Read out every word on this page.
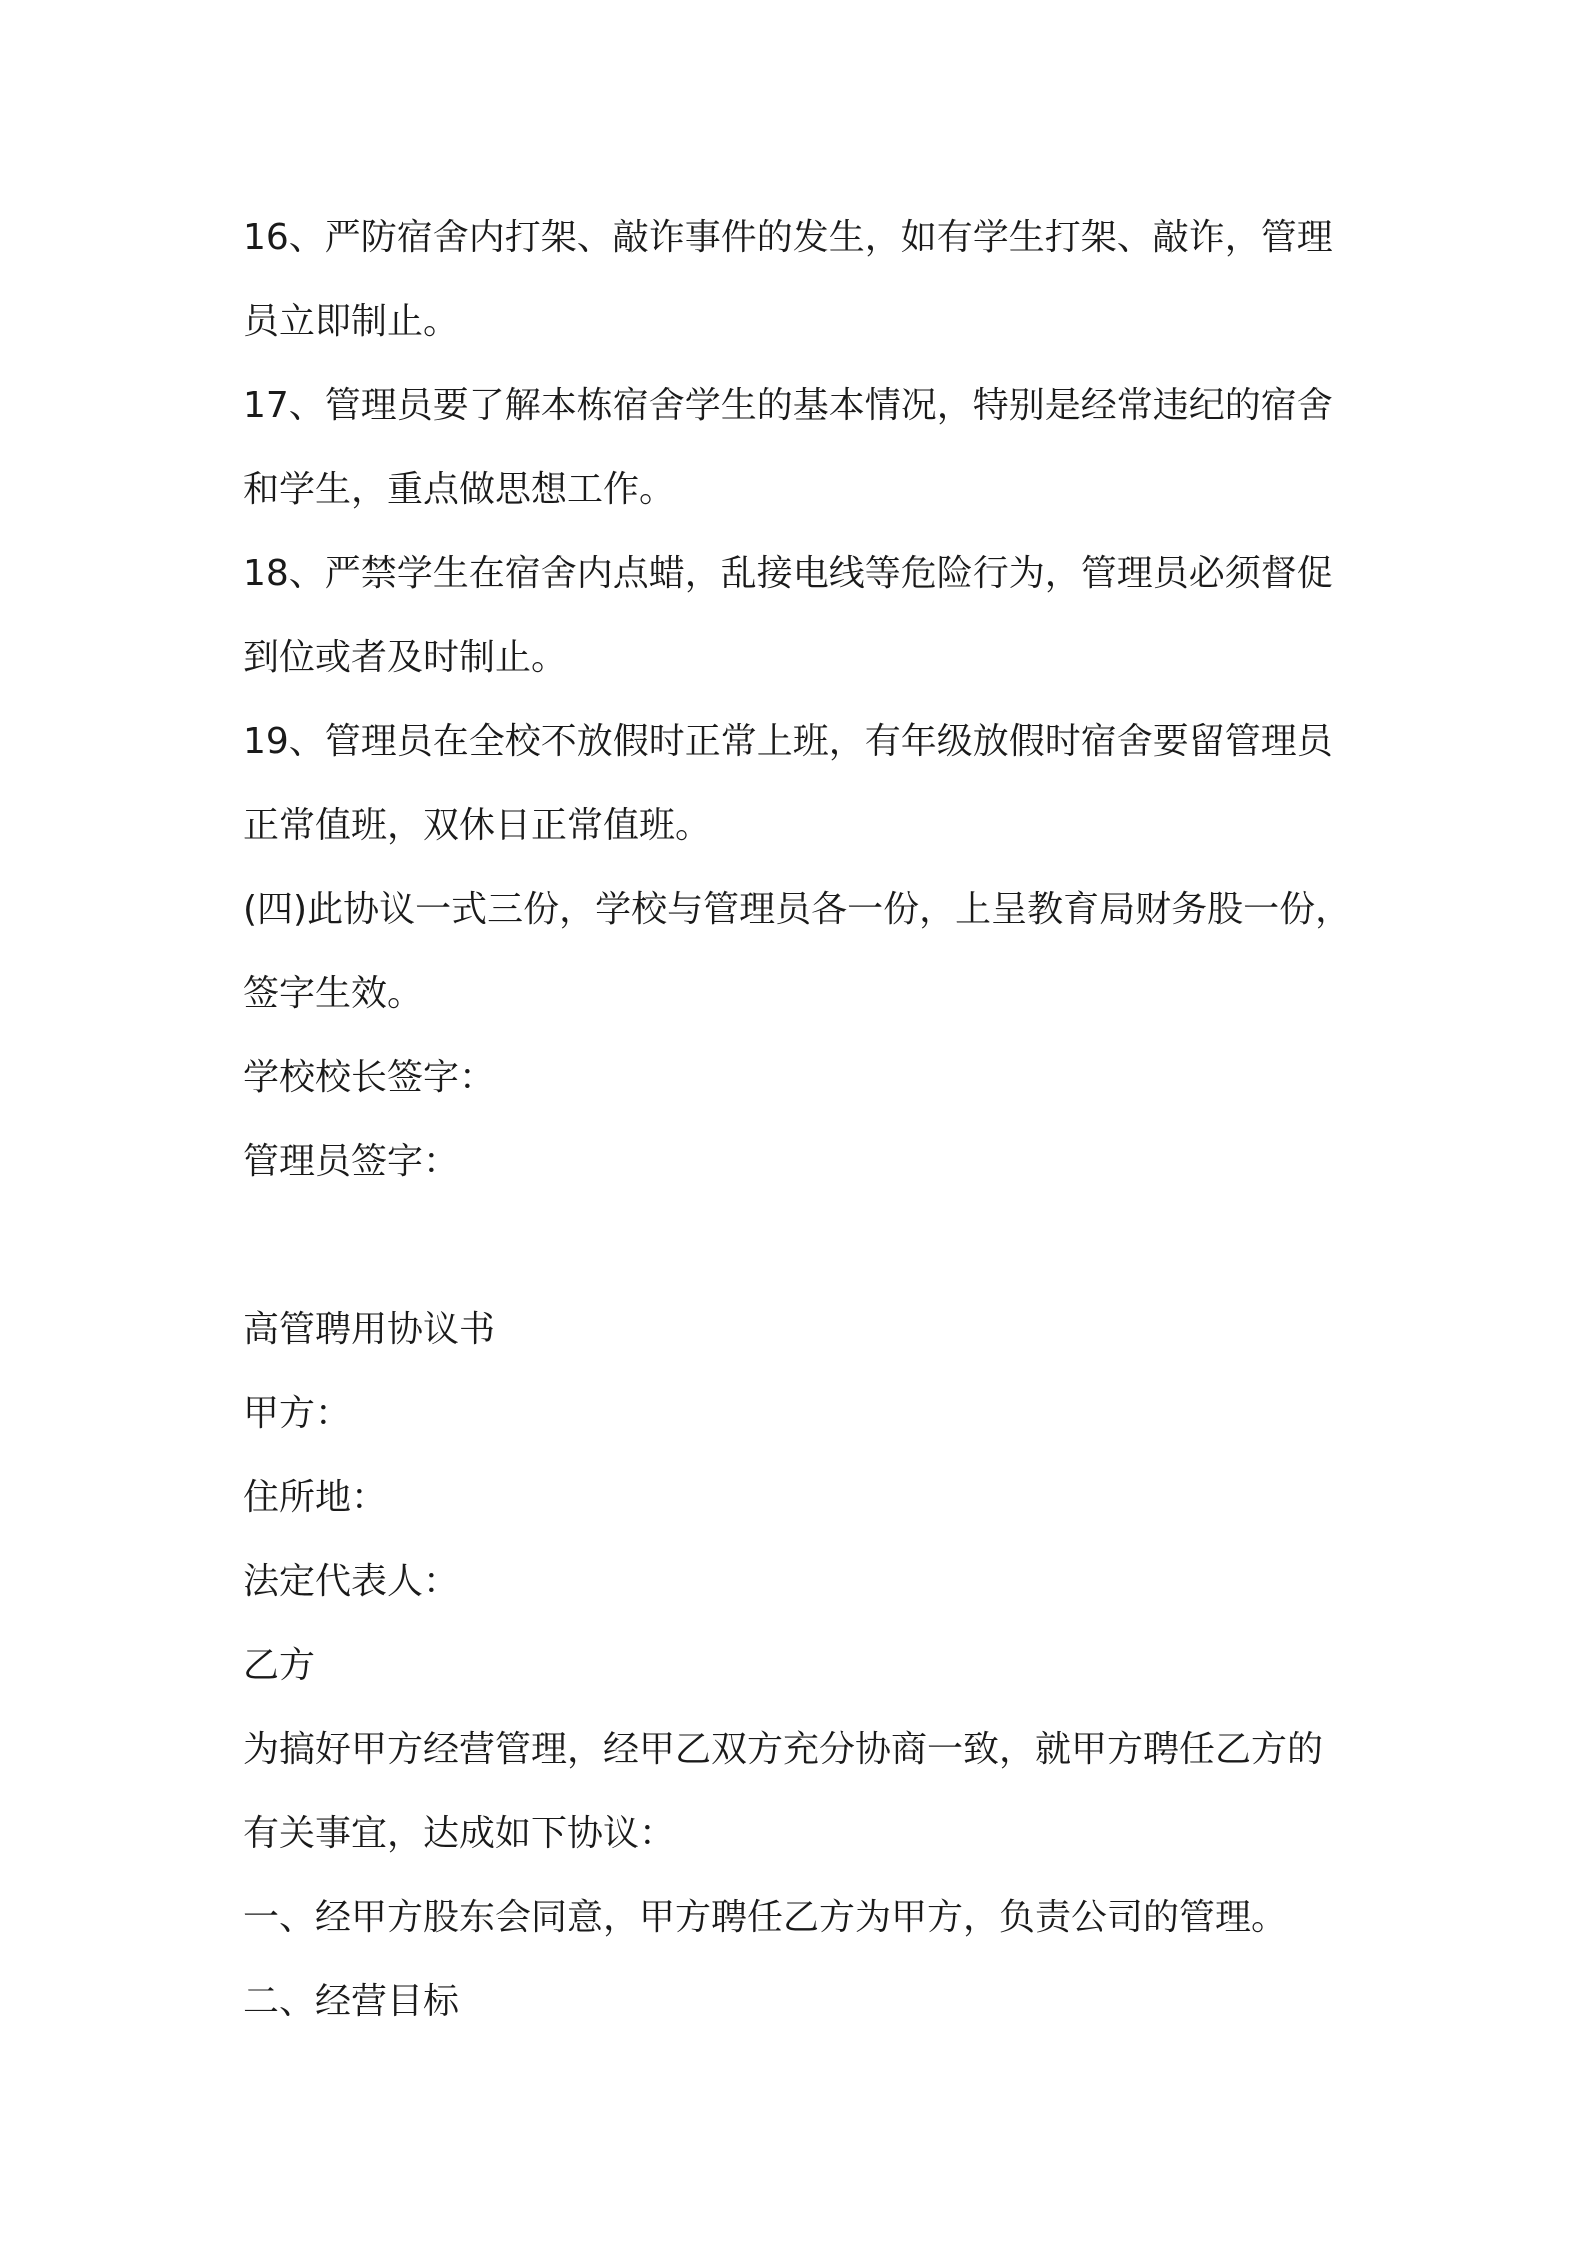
16、严防宿舍内打架、敲诈事件的发生，如有学生打架、敲诈，管理
员立即制止。
17、管理员要了解本栋宿舍学生的基本情况，特别是经常违纪的宿舍
和学生，重点做思想工作。
18、严禁学生在宿舍内点蜡，乱接电线等危险行为，管理员必须督促
到位或者及时制止。
19、管理员在全校不放假时正常上班，有年级放假时宿舍要留管理员
正常值班，双休日正常值班。
(四)此协议一式三份，学校与管理员各一份，上呈教育局财务股一份，
签字生效。
学校校长签字：
管理员签字：
高管聘用协议书
甲方：
住所地：
法定代表人：
乙方
为搞好甲方经营管理，经甲乙双方充分协商一致，就甲方聘任乙方的
有关事宜，达成如下协议：
一、经甲方股东会同意，甲方聘任乙方为甲方，负责公司的管理。
二、经营目标
